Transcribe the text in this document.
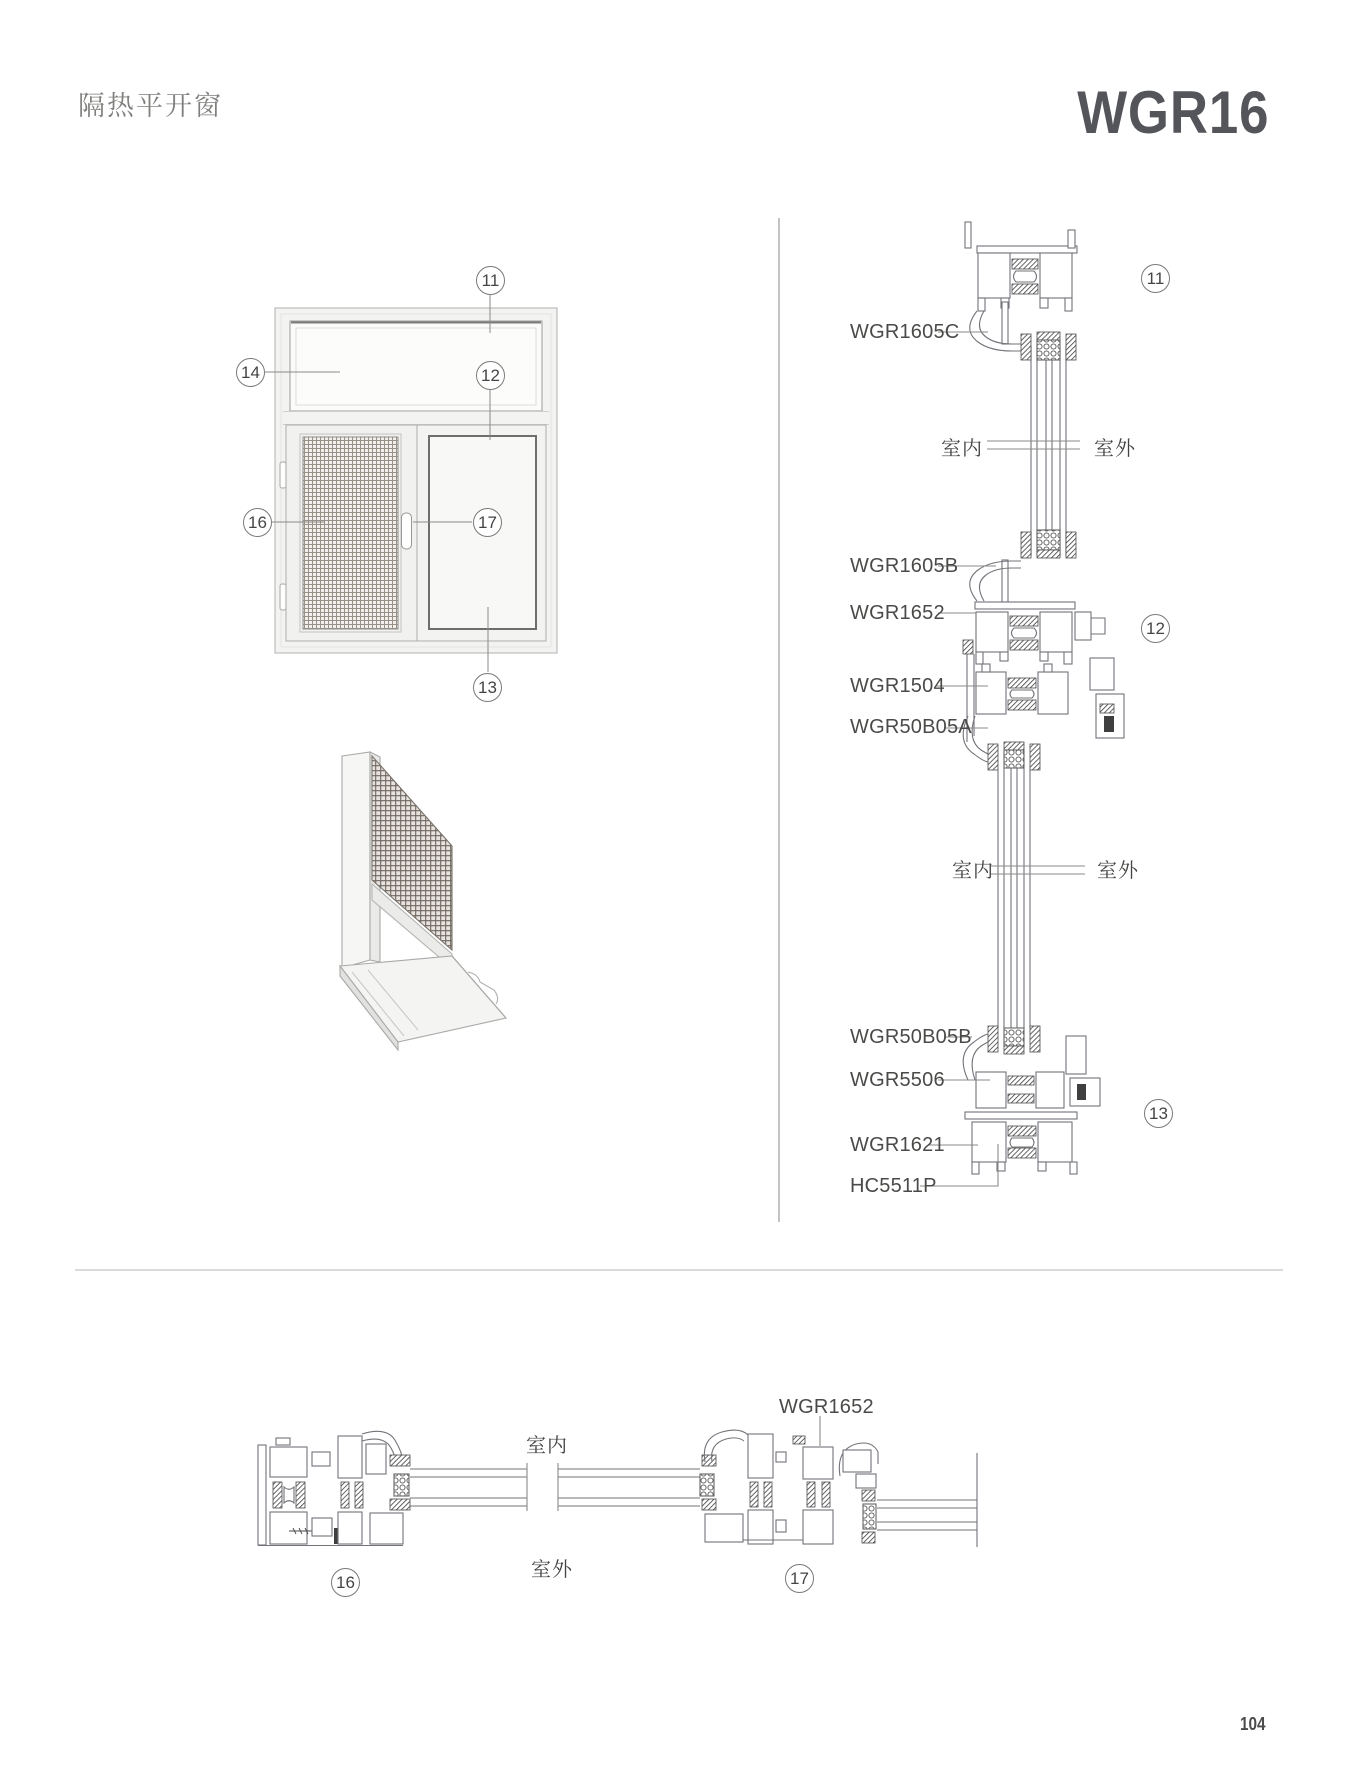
隔热平开窗	WGR16
WGR1605C
WGR1605B
WGR1652
WGR1504
WGR50B05A
WGR50B05B
WGR5506
WGR1621
HC5511P
室内	室外
室内	室外
室内
室外
WGR1652
11
12
13
14
16	17
11
12
13
16	17
104
